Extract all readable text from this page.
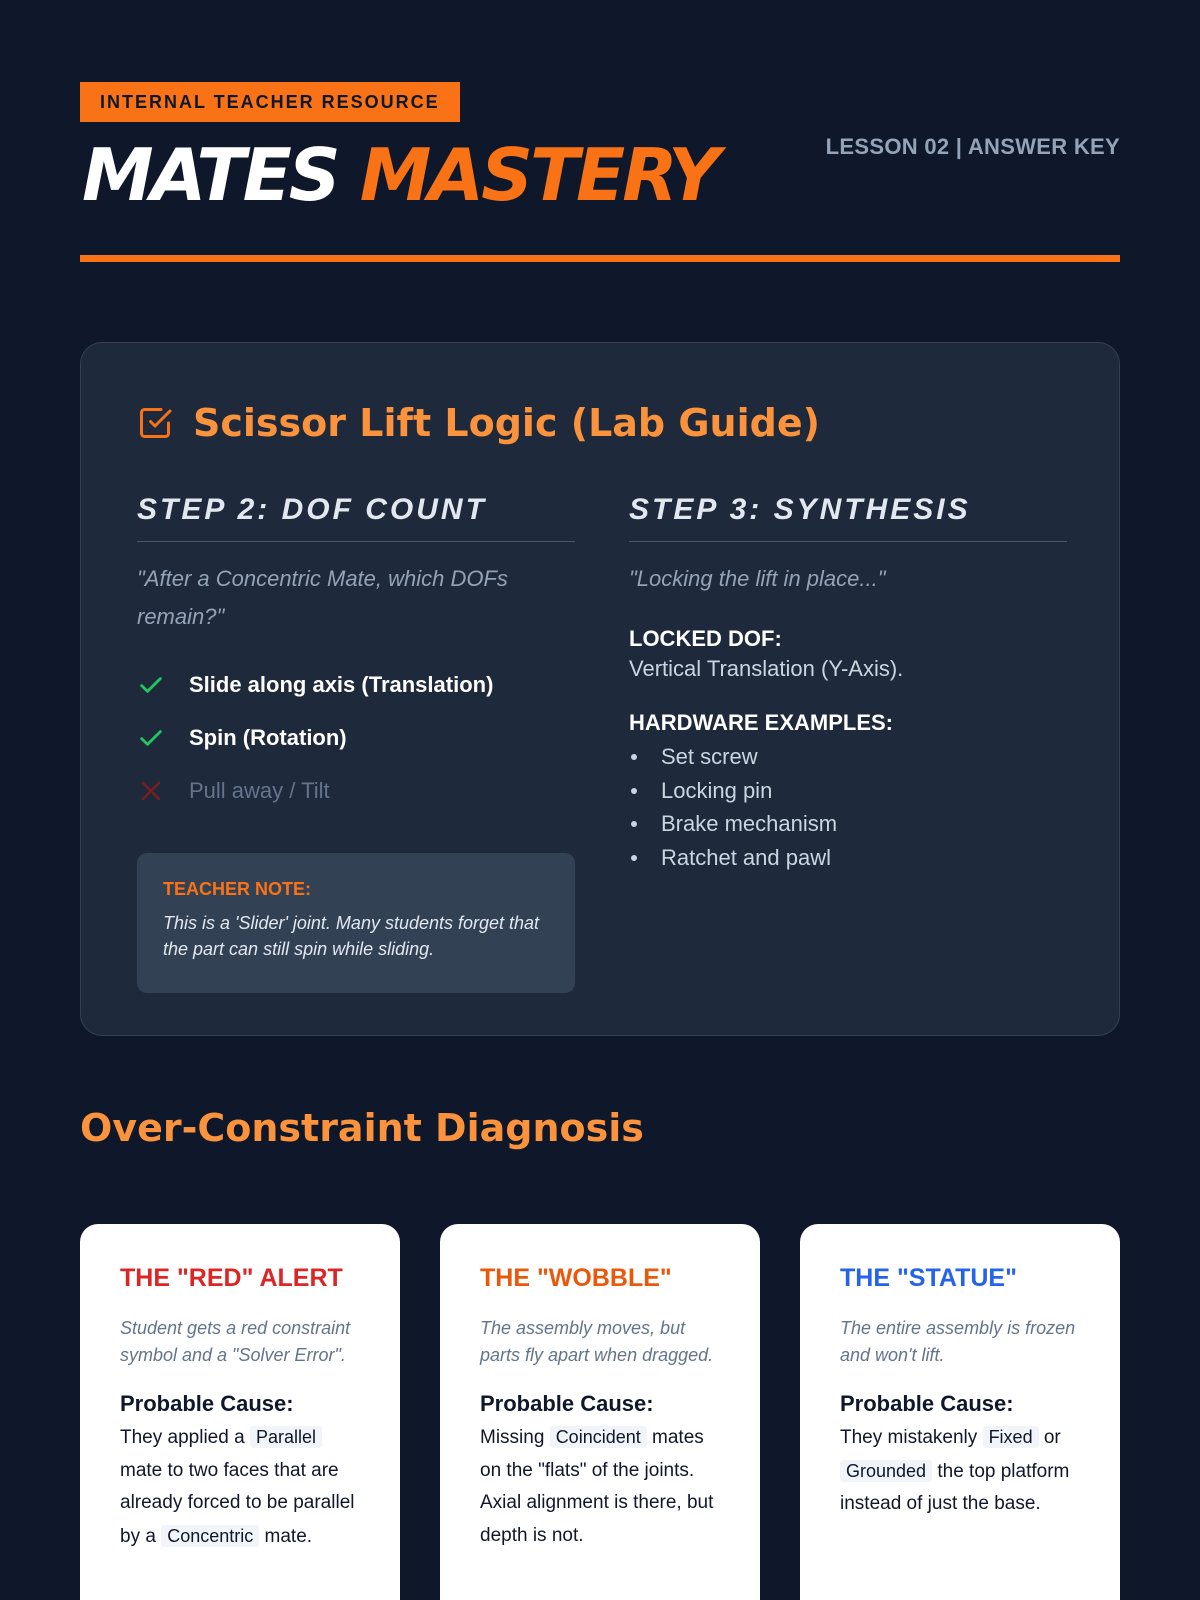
INTERNAL TEACHER RESOURCE
MATES MASTERY	LESSON 02 | ANSWER KEY
Scissor Lift Logic (Lab Guide)
STEP 2: DOF COUNT
"After a Concentric Mate, which DOFs remain?"
Slide along axis (Translation)
Spin (Rotation)
Pull away / Tilt
TEACHER NOTE:
This is a 'Slider' joint. Many students forget that the part can still spin while sliding.
STEP 3: SYNTHESIS
"Locking the lift in place..."
LOCKED DOF:
Vertical Translation (Y-Axis).
HARDWARE EXAMPLES:
Set screw
Locking pin
Brake mechanism
Ratchet and pawl
Over-Constraint Diagnosis
THE "RED" ALERT
Student gets a red constraint symbol and a "Solver Error".
Probable Cause:
They applied a Parallel mate to two faces that are already forced to be parallel by a Concentric mate.
THE "WOBBLE"
The assembly moves, but parts fly apart when dragged.
Probable Cause:
Missing Coincident mates on the "flats" of the joints. Axial alignment is there, but depth is not.
THE "STATUE"
The entire assembly is frozen and won't lift.
Probable Cause:
They mistakenly Fixed or Grounded the top platform instead of just the base.
